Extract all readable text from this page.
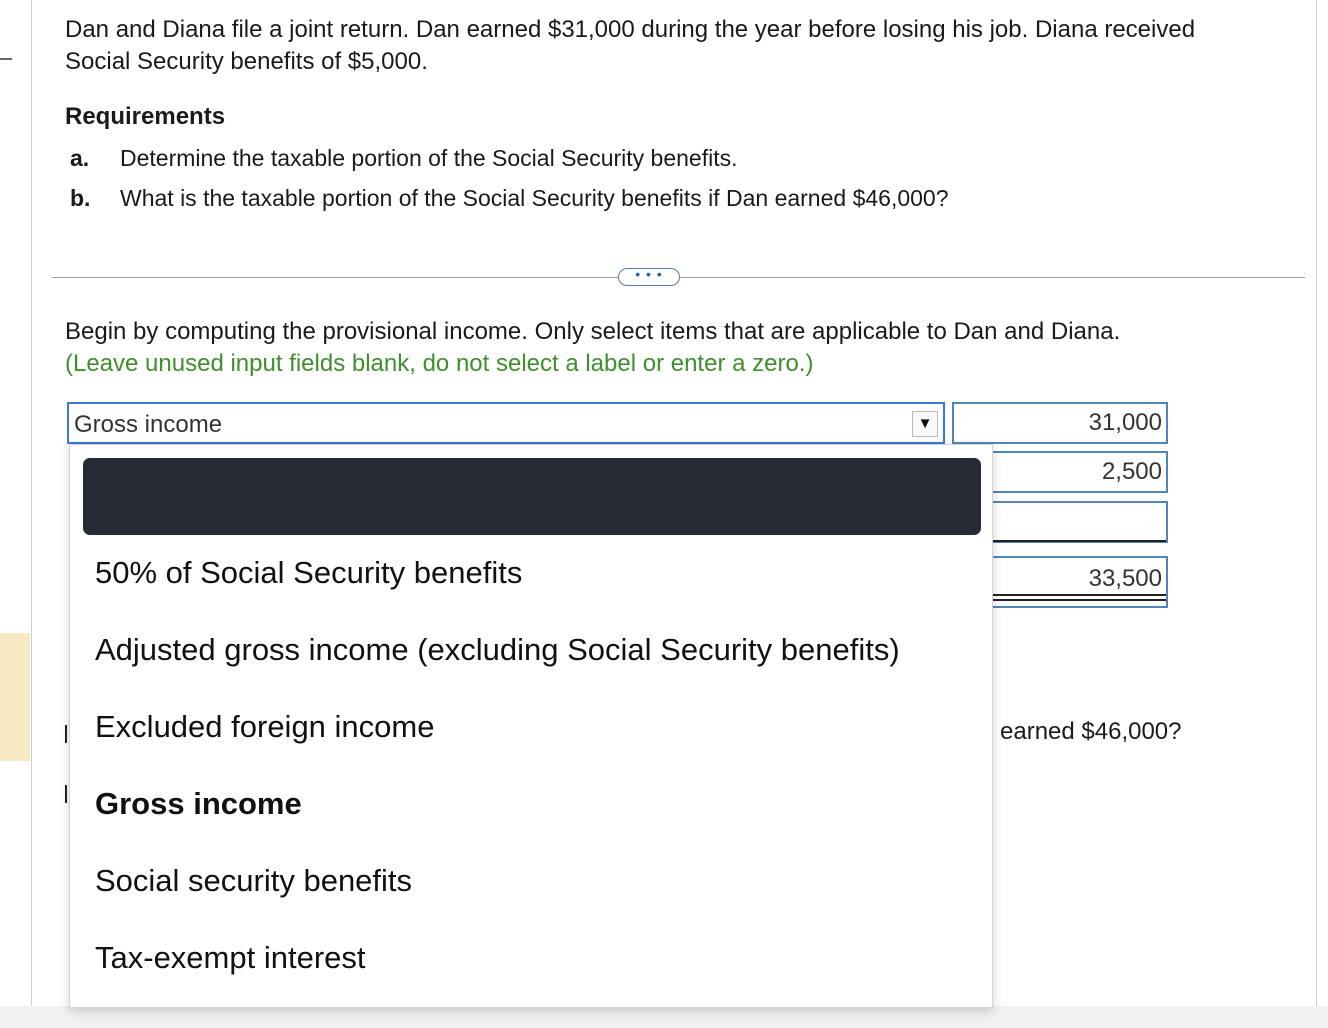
Dan and Diana file a joint return. Dan earned $31,000 during the year before losing his job. Diana received
Social Security benefits of $5,000.
Requirements
a. Determine the taxable portion of the Social Security benefits.
b. What is the taxable portion of the Social Security benefits if Dan earned $46,000?
• • •
Begin by computing the provisional income. Only select items that are applicable to Dan and Diana.
(Leave unused input fields blank, do not select a label or enter a zero.)
Gross income	▼	31,000
2,500
33,500
earned $46,000?
50% of Social Security benefits
Adjusted gross income (excluding Social Security benefits)
Excluded foreign income
Gross income
Social security benefits
Tax-exempt interest
